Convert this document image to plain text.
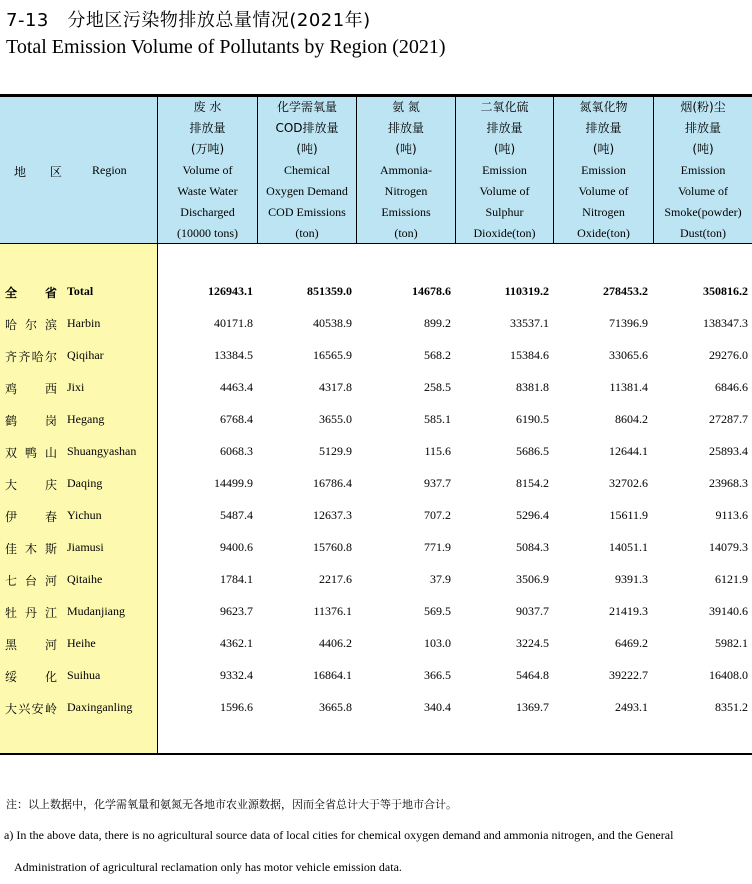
7-13　分地区污染物排放总量情况(2021年)
Total Emission Volume of Pollutants by Region (2021)
地 区 Region
废 水
排放量
(万吨)
Volume of
Waste Water
Discharged
(10000 tons)
化学需氧量
COD排放量
(吨)
Chemical
Oxygen Demand
COD Emissions
(ton)
氨 氮
排放量
(吨)
Ammonia-
Nitrogen
Emissions
(ton)
二氧化硫
排放量
(吨)
Emission
Volume of
Sulphur
Dioxide(ton)
氮氧化物
排放量
(吨)
Emission
Volume of
Nitrogen
Oxide(ton)
烟(粉)尘
排放量
(吨)
Emission
Volume of
Smoke(powder)
Dust(ton)
全　　省 Total	126943.1	851359.0	14678.6	110319.2	278453.2	350816.2
哈尔滨 Harbin	40171.8	40538.9	899.2	33537.1	71396.9	138347.3
齐齐哈尔 Qiqihar	13384.5	16565.9	568.2	15384.6	33065.6	29276.0
鸡　西 Jixi	4463.4	4317.8	258.5	8381.8	11381.4	6846.6
鹤　岗 Hegang	6768.4	3655.0	585.1	6190.5	8604.2	27287.7
双鸭山 Shuangyashan	6068.3	5129.9	115.6	5686.5	12644.1	25893.4
大　庆 Daqing	14499.9	16786.4	937.7	8154.2	32702.6	23968.3
伊　春 Yichun	5487.4	12637.3	707.2	5296.4	15611.9	9113.6
佳木斯 Jiamusi	9400.6	15760.8	771.9	5084.3	14051.1	14079.3
七台河 Qitaihe	1784.1	2217.6	37.9	3506.9	9391.3	6121.9
牡丹江 Mudanjiang	9623.7	11376.1	569.5	9037.7	21419.3	39140.6
黑　河 Heihe	4362.1	4406.2	103.0	3224.5	6469.2	5982.1
绥　化 Suihua	9332.4	16864.1	366.5	5464.8	39222.7	16408.0
大兴安岭 Daxinganling	1596.6	3665.8	340.4	1369.7	2493.1	8351.2
注：以上数据中，化学需氧量和氨氮无各地市农业源数据，因而全省总计大于等于地市合计。
a) In the above data, there is no agricultural source data of local cities for chemical oxygen demand and ammonia nitrogen, and the General
Administration of agricultural reclamation only has motor vehicle emission data.
